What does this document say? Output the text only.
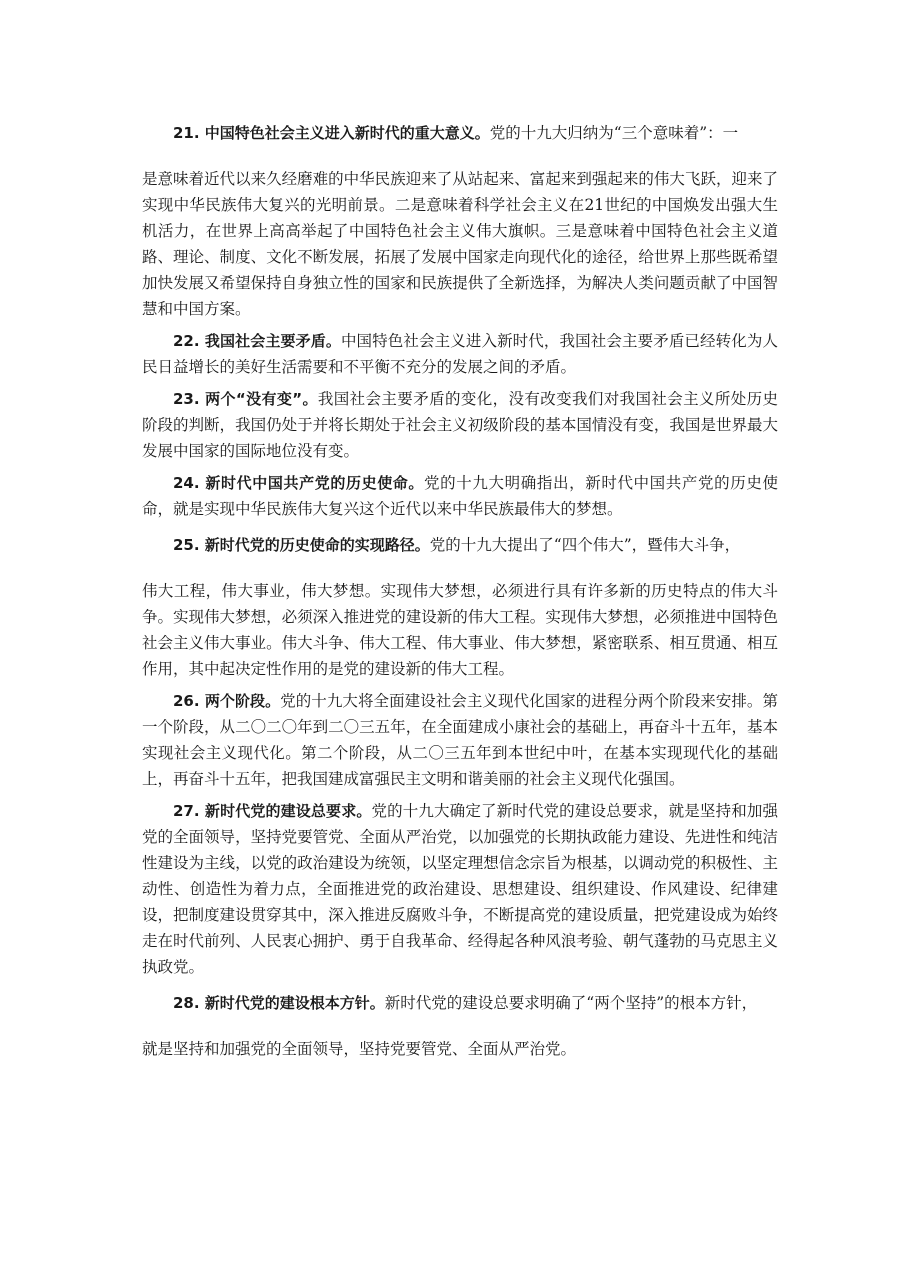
21. 中国特色社会主义进入新时代的重大意义。党的十九大归纳为“三个意味着”：一
是意味着近代以来久经磨难的中华民族迎来了从站起来、富起来到强起来的伟大飞跃，迎来了实现中华民族伟大复兴的光明前景。二是意味着科学社会主义在21世纪的中国焕发出强大生机活力，在世界上高高举起了中国特色社会主义伟大旗帜。三是意味着中国特色社会主义道路、理论、制度、文化不断发展，拓展了发展中国家走向现代化的途径，给世界上那些既希望加快发展又希望保持自身独立性的国家和民族提供了全新选择，为解决人类问题贡献了中国智慧和中国方案。

22. 我国社会主要矛盾。中国特色社会主义进入新时代，我国社会主要矛盾已经转化为人民日益增长的美好生活需要和不平衡不充分的发展之间的矛盾。

23. 两个“没有变”。我国社会主要矛盾的变化，没有改变我们对我国社会主义所处历史阶段的判断，我国仍处于并将长期处于社会主义初级阶段的基本国情没有变，我国是世界最大发展中国家的国际地位没有变。

24. 新时代中国共产党的历史使命。党的十九大明确指出，新时代中国共产党的历史使命，就是实现中华民族伟大复兴这个近代以来中华民族最伟大的梦想。

25. 新时代党的历史使命的实现路径。党的十九大提出了“四个伟大”，暨伟大斗争，
伟大工程，伟大事业，伟大梦想。实现伟大梦想，必须进行具有许多新的历史特点的伟大斗争。实现伟大梦想，必须深入推进党的建设新的伟大工程。实现伟大梦想，必须推进中国特色社会主义伟大事业。伟大斗争、伟大工程、伟大事业、伟大梦想，紧密联系、相互贯通、相互作用，其中起决定性作用的是党的建设新的伟大工程。

26. 两个阶段。党的十九大将全面建设社会主义现代化国家的进程分两个阶段来安排。第一个阶段，从二〇二〇年到二〇三五年，在全面建成小康社会的基础上，再奋斗十五年，基本实现社会主义现代化。第二个阶段，从二〇三五年到本世纪中叶，在基本实现现代化的基础上，再奋斗十五年，把我国建成富强民主文明和谐美丽的社会主义现代化强国。

27. 新时代党的建设总要求。党的十九大确定了新时代党的建设总要求，就是坚持和加强党的全面领导，坚持党要管党、全面从严治党，以加强党的长期执政能力建设、先进性和纯洁性建设为主线，以党的政治建设为统领，以坚定理想信念宗旨为根基，以调动党的积极性、主动性、创造性为着力点，全面推进党的政治建设、思想建设、组织建设、作风建设、纪律建设，把制度建设贯穿其中，深入推进反腐败斗争，不断提高党的建设质量，把党建设成为始终走在时代前列、人民衷心拥护、勇于自我革命、经得起各种风浪考验、朝气蓬勃的马克思主义执政党。

28. 新时代党的建设根本方针。新时代党的建设总要求明确了“两个坚持”的根本方针，
就是坚持和加强党的全面领导，坚持党要管党、全面从严治党。
